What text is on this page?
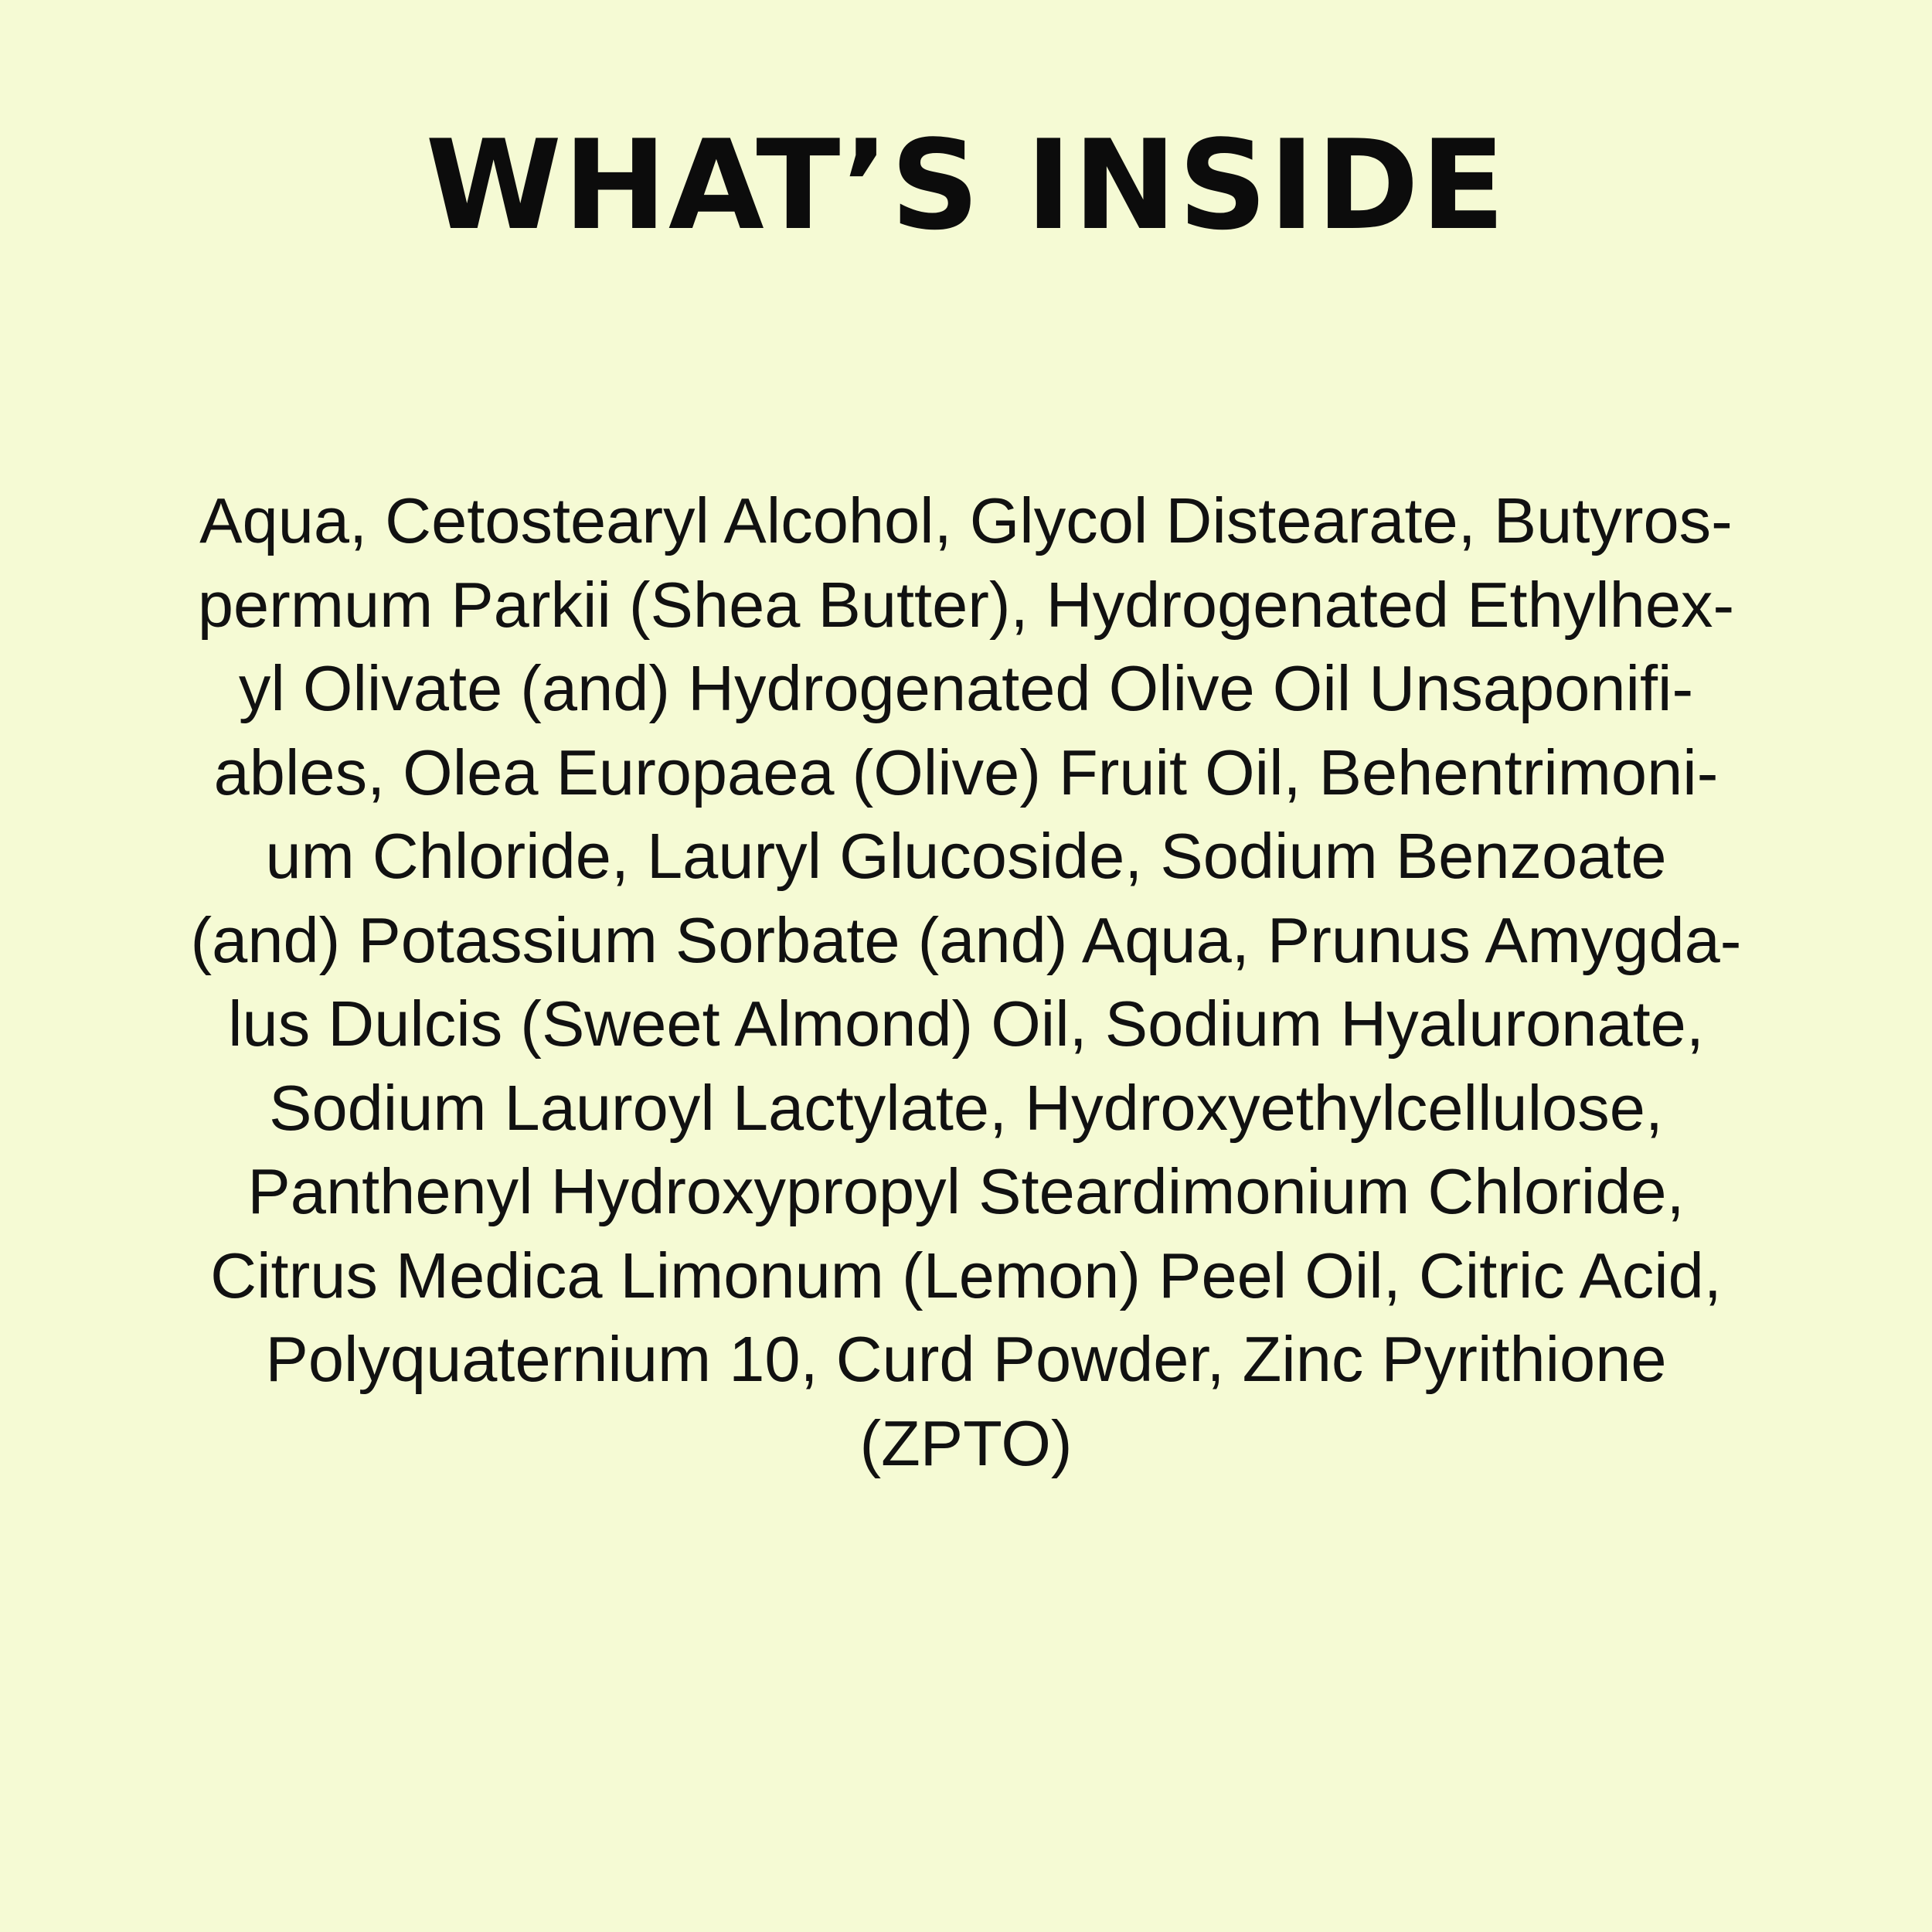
WHAT’S INSIDE

Aqua, Cetostearyl Alcohol, Glycol Distearate, Butyros-
permum Parkii (Shea Butter), Hydrogenated Ethylhex-
yl Olivate (and) Hydrogenated Olive Oil Unsaponifi-
ables, Olea Europaea (Olive) Fruit Oil, Behentrimoni-
um Chloride, Lauryl Glucoside, Sodium Benzoate
(and) Potassium Sorbate (and) Aqua, Prunus Amygda-
lus Dulcis (Sweet Almond) Oil, Sodium Hyaluronate,
Sodium Lauroyl Lactylate, Hydroxyethylcellulose,
Panthenyl Hydroxypropyl Steardimonium Chloride,
Citrus Medica Limonum (Lemon) Peel Oil, Citric Acid,
Polyquaternium 10, Curd Powder, Zinc Pyrithione
(ZPTO)
